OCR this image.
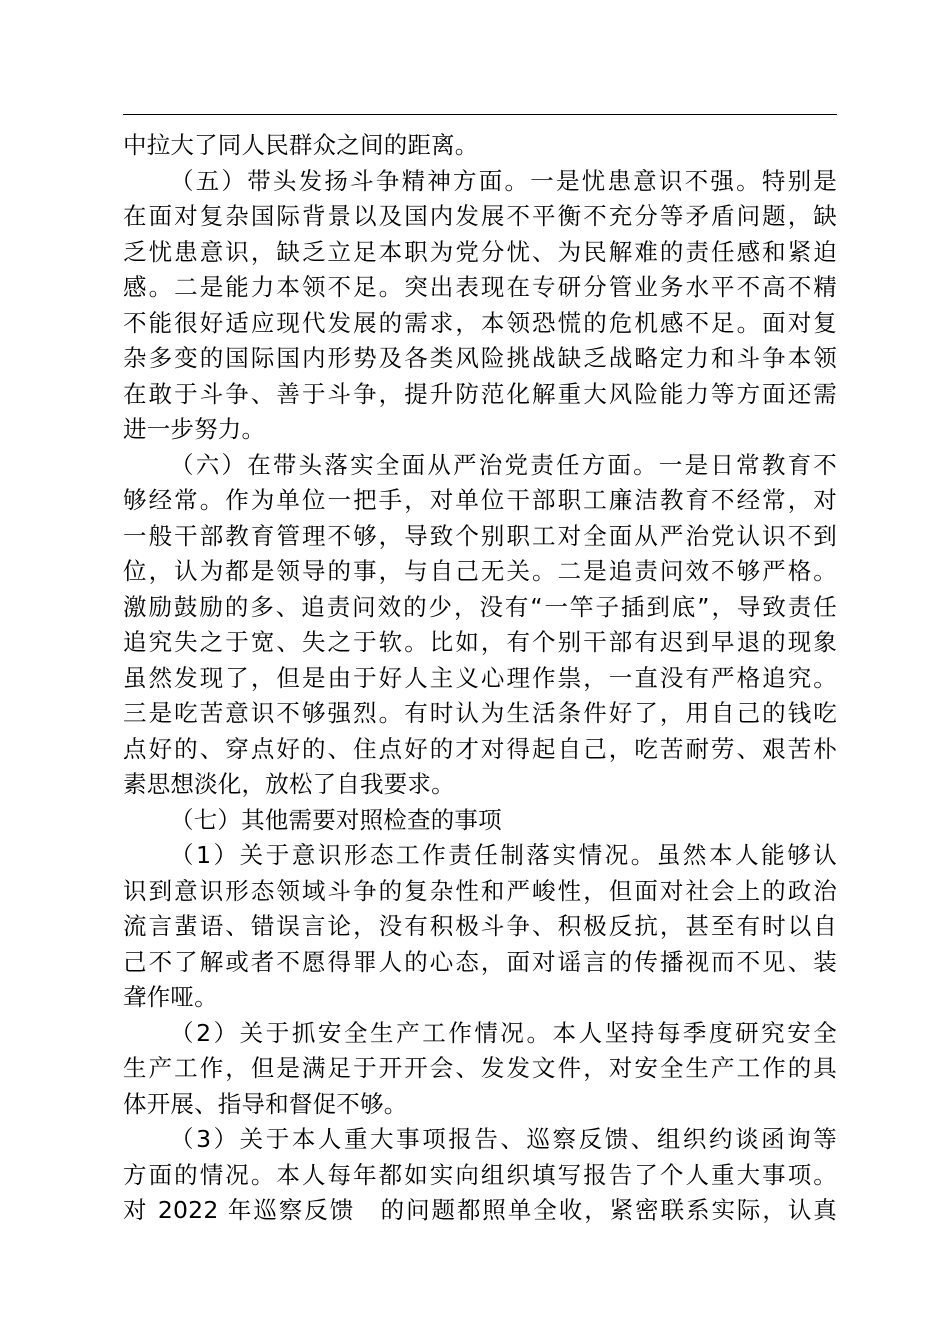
中拉大了同人民群众之间的距离。
（五）带头发扬斗争精神方面。一是忧患意识不强。特别是
在面对复杂国际背景以及国内发展不平衡不充分等矛盾问题，缺
乏忧患意识，缺乏立足本职为党分忧、为民解难的责任感和紧迫
感。二是能力本领不足。突出表现在专研分管业务水平不高不精
不能很好适应现代发展的需求，本领恐慌的危机感不足。面对复
杂多变的国际国内形势及各类风险挑战缺乏战略定力和斗争本领
在敢于斗争、善于斗争，提升防范化解重大风险能力等方面还需
进一步努力。
（六）在带头落实全面从严治党责任方面。一是日常教育不
够经常。作为单位一把手，对单位干部职工廉洁教育不经常，对
一般干部教育管理不够，导致个别职工对全面从严治党认识不到
位，认为都是领导的事，与自己无关。二是追责问效不够严格。
激励鼓励的多、追责问效的少，没有“一竿子插到底”，导致责任
追究失之于宽、失之于软。比如，有个别干部有迟到早退的现象
虽然发现了，但是由于好人主义心理作祟，一直没有严格追究。
三是吃苦意识不够强烈。有时认为生活条件好了，用自己的钱吃
点好的、穿点好的、住点好的才对得起自己，吃苦耐劳、艰苦朴
素思想淡化，放松了自我要求。
（七）其他需要对照检查的事项
（1）关于意识形态工作责任制落实情况。虽然本人能够认
识到意识形态领域斗争的复杂性和严峻性，但面对社会上的政治
流言蜚语、错误言论，没有积极斗争、积极反抗，甚至有时以自
己不了解或者不愿得罪人的心态，面对谣言的传播视而不见、装
聋作哑。
（2）关于抓安全生产工作情况。本人坚持每季度研究安全
生产工作，但是满足于开开会、发发文件，对安全生产工作的具
体开展、指导和督促不够。
（3）关于本人重大事项报告、巡察反馈、组织约谈函询等
方面的情况。本人每年都如实向组织填写报告了个人重大事项。
对 2022 年巡察反馈　的问题都照单全收，紧密联系实际，认真
